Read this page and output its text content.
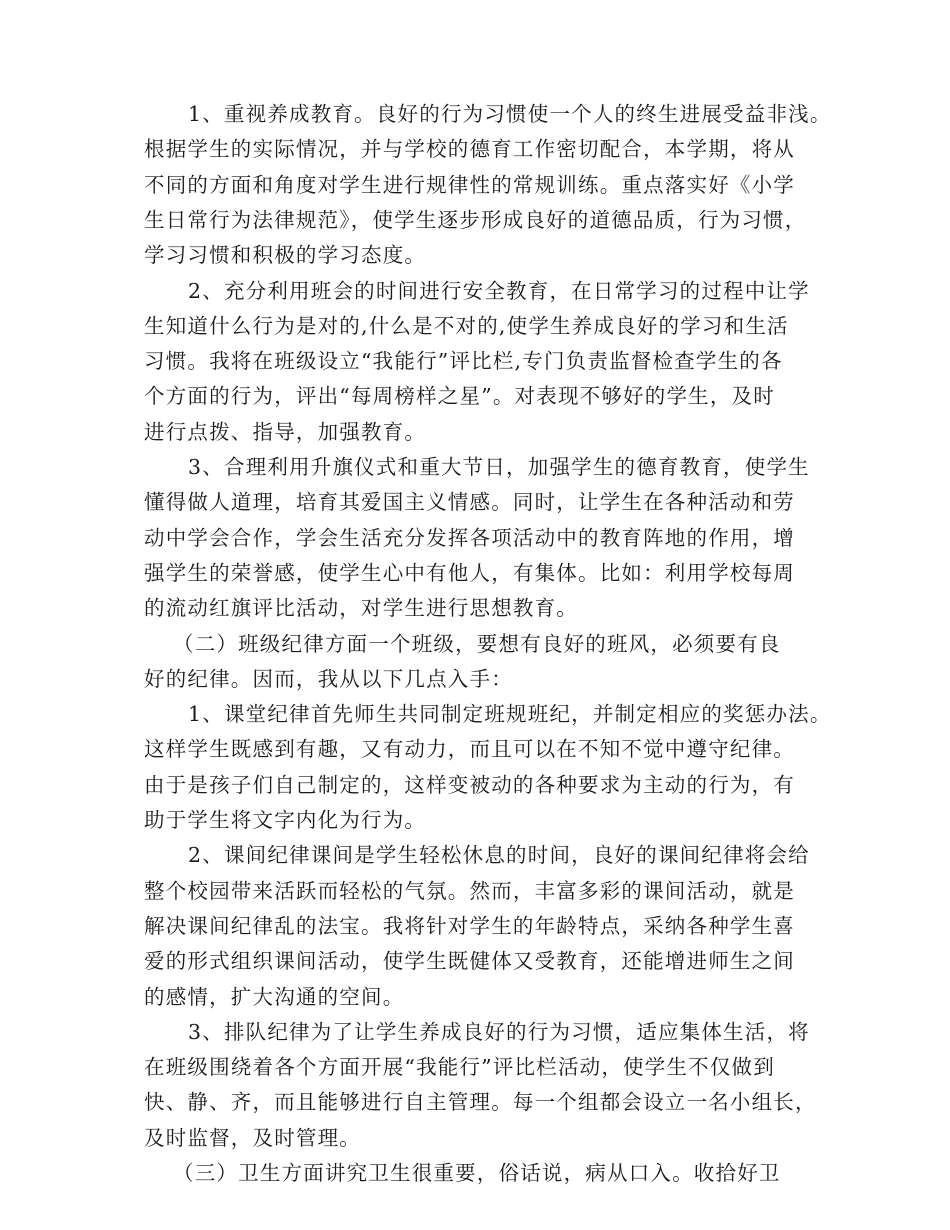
1、重视养成教育。良好的行为习惯使一个人的终生进展受益非浅。
根据学生的实际情况，并与学校的德育工作密切配合，本学期，将从
不同的方面和角度对学生进行规律性的常规训练。重点落实好《小学
生日常行为法律规范》，使学生逐步形成良好的道德品质，行为习惯，
学习习惯和积极的学习态度。
2、充分利用班会的时间进行安全教育，在日常学习的过程中让学
生知道什么行为是对的,什么是不对的,使学生养成良好的学习和生活
习惯。我将在班级设立“我能行”评比栏,专门负责监督检查学生的各
个方面的行为，评出“每周榜样之星”。对表现不够好的学生，及时
进行点拨、指导，加强教育。
3、合理利用升旗仪式和重大节日，加强学生的德育教育，使学生
懂得做人道理，培育其爱国主义情感。同时，让学生在各种活动和劳
动中学会合作，学会生活充分发挥各项活动中的教育阵地的作用，增
强学生的荣誉感，使学生心中有他人，有集体。比如：利用学校每周
的流动红旗评比活动，对学生进行思想教育。
（二）班级纪律方面一个班级，要想有良好的班风，必须要有良
好的纪律。因而，我从以下几点入手：
1、课堂纪律首先师生共同制定班规班纪，并制定相应的奖惩办法。
这样学生既感到有趣，又有动力，而且可以在不知不觉中遵守纪律。
由于是孩子们自己制定的，这样变被动的各种要求为主动的行为，有
助于学生将文字内化为行为。
2、课间纪律课间是学生轻松休息的时间，良好的课间纪律将会给
整个校园带来活跃而轻松的气氛。然而，丰富多彩的课间活动，就是
解决课间纪律乱的法宝。我将针对学生的年龄特点，采纳各种学生喜
爱的形式组织课间活动，使学生既健体又受教育，还能增进师生之间
的感情，扩大沟通的空间。
3、排队纪律为了让学生养成良好的行为习惯，适应集体生活，将
在班级围绕着各个方面开展“我能行”评比栏活动，使学生不仅做到
快、静、齐，而且能够进行自主管理。每一个组都会设立一名小组长，
及时监督，及时管理。
（三）卫生方面讲究卫生很重要，俗话说，病从口入。收拾好卫
